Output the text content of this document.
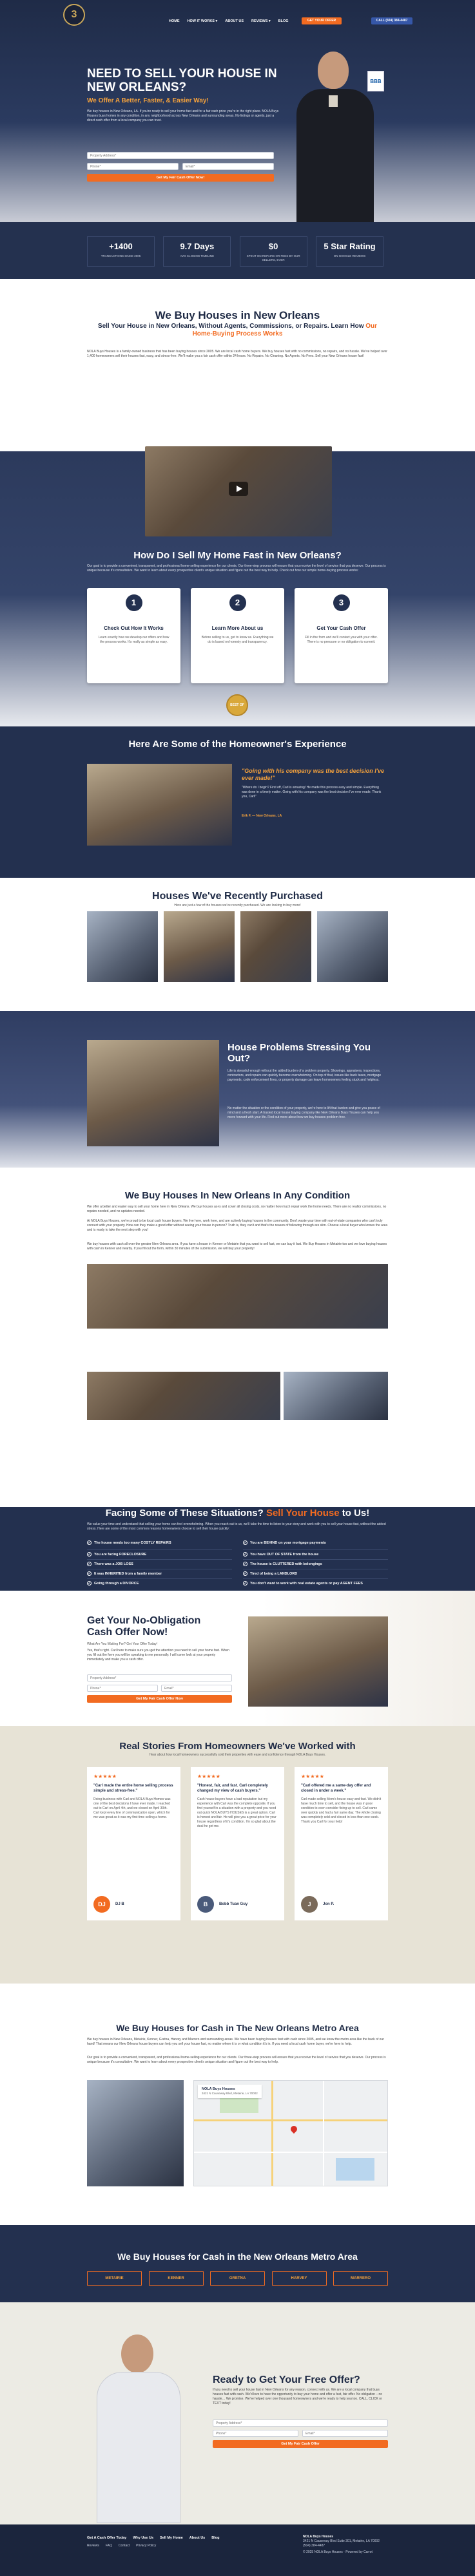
3
HOME HOW IT WORKS ▾ ABOUT US REVIEWS ▾ BLOG	GET YOUR OFFER	CALL (504) 384-4487
NEED TO SELL YOUR HOUSE IN NEW ORLEANS?
We Offer A Better, Faster, & Easier Way!
We buy houses in New Orleans, LA. If you're ready to sell your home fast and for a fair cash price you're in the right place. NOLA Buys Houses buys homes in any condition, in any neighborhood across New Orleans and surrounding areas. No listings or agents, just a direct cash offer from a local company you can trust.
Property Address*
Phone*
Email*
Get My Fair Cash Offer Now!
BBB
+1400
TRANSACTIONS SINCE 2005
9.7 Days
AVG CLOSING TIMELINE
$0
SPENT ON REPAIRS OR FEES BY OUR SELLERS, EVER
5 Star Rating
ON GOOGLE REVIEWS
We Buy Houses in New Orleans
Sell Your House in New Orleans, Without Agents, Commissions, or Repairs. Learn How Our Home-Buying Process Works
NOLA Buys Houses is a family-owned business that has been buying houses since 2005. We are local cash home buyers. We buy houses fast with no commissions, no repairs, and no hassle. We've helped over 1,400 homeowners sell their houses fast, easy, and stress-free. We'll make you a fair cash offer within 24 hours. No Repairs. No Cleaning. No Agents. No Fees. Sell your New Orleans house fast!
How Do I Sell My Home Fast in New Orleans?
Our goal is to provide a convenient, transparent, and professional home-selling experience for our clients. Our three-step process will ensure that you receive the level of service that you deserve. Our process is unique because it's consultative. We want to learn about every prospective client's unique situation and figure out the best way to help. Check out how our simple home-buying process works:
1
Check Out How It Works
Learn exactly how we develop our offers and how the process works. It's really as simple as easy.
2
Learn More About us
Before selling to us, get to know us. Everything we do is based on honesty and transparency.
3
Get Your Cash Offer
Fill in the form and we'll contact you with your offer. There is no pressure or no obligation to commit.
BEST OF
Here Are Some of the Homeowner's Experience
"Going with his company was the best decision I've ever made!"
"Where do I begin? First off, Carl is amazing! He made this process easy and simple. Everything was done in a timely matter. Going with his company was the best decision I've ever made. Thank you, Carl!"
Erik F. — New Orleans, LA
Houses We've Recently Purchased
Here are just a few of the houses we've recently purchased. We are looking to buy more!
House Problems Stressing You Out?
Life is stressful enough without the added burden of a problem property. Showings, appraisers, inspections, contractors, and repairs can quickly become overwhelming. On top of that, issues like back taxes, mortgage payments, code enforcement fines, or property damage can leave homeowners feeling stuck and helpless.
No matter the situation or the condition of your property, we're here to lift that burden and give you peace of mind and a fresh start. A trusted local house buying company like New Orleans Buys Houses can help you move forward with your life. Find out more about how we buy houses problem-free.
We Buy Houses In New Orleans In Any Condition
We offer a better and easier way to sell your home here in New Orleans. We buy houses as-is and cover all closing costs, no matter how much repair work the home needs. There are no realtor commissions, no repairs needed, and no updates needed.
At NOLA Buys Houses, we're proud to be local cash house buyers. We live here, work here, and are actively buying houses in the community. Don't waste your time with out-of-state companies who can't truly connect with your property. How can they make a good offer without seeing your house in person? Truth is, they can't and that's the reason of following through are slim. Choose a local buyer who knows the area and is ready to take the next step with you!
We buy houses with cash all over the greater New Orleans area. If you have a house in Kenner or Metairie that you want to sell fast, we can buy it fast. We Buy Houses in Metairie too and we love buying houses with cash in Kenner and nearby. If you fill out the form, within 30 minutes of the submission, we will buy your property!
Facing Some of These Situations? Sell Your House to Us!
We value your time and understand that selling your home can feel overwhelming. When you reach out to us, we'll take the time to listen to your story and work with you to sell your house fast, without the added stress. Here are some of the most common reasons homeowners choose to sell their house quickly:
✓ The house needs too many COSTLY REPAIRS
✓ You are facing FORECLOSURE
✓ There was a JOB LOSS
✓ It was INHERITED from a family member
✓ Going through a DIVORCE
✓ You are BEHIND on your mortgage payments
✓ You have OUT OF STATE from the house
✓ The house is CLUTTERED with belongings
✓ Tired of being a LANDLORD
✓ You don't want to work with real estate agents or pay AGENT FEES
Get Your No-Obligation Cash Offer Now!
What Are You Waiting For? Get Your Offer Today!
Yes, that's right. Carl here to make sure you get the attention you need to sell your home fast. When you fill out the form you will be speaking to me personally. I will come look at your property immediately and make you a cash offer.
Property Address*
Phone*
Email*
Get My Fair Cash Offer Now
Real Stories From Homeowners We've Worked with
Hear about how local homeowners successfully sold their properties with ease and confidence through NOLA Buys Houses.
★★★★★
"Carl made the entire home selling process simple and stress-free."
Doing business with Carl and NOLA Buys Homes was one of the best decisions I have ever made. I reached out to Carl on April 4th, and we closed on April 30th. Carl kept every line of communication open, which for me was great as it was my first time selling a home.
DJ	DJ B
★★★★★
"Honest, fair, and fast. Carl completely changed my view of cash buyers."
Cash house buyers have a bad reputation but my experience with Carl was the complete opposite. If you find yourself in a situation with a property and you need out quick NOLA BUYS HOUSES is a great option. Carl is honest and fair. He will give you a great price for your house regardless of it's condition. I'm so glad about the deal he got me.
B	Bobb Tuan Guy
★★★★★
"Carl offered me a same-day offer and closed in under a week."
Carl made selling Mom's house easy and fast. We didn't have much time to sell, and the house was in poor condition to even consider fixing up to sell. Carl came over quickly and had a fair same day. The whole closing was completely sold and closed in less than one week. Thank you Carl for your help!
J	Jon P.
We Buy Houses for Cash in The New Orleans Metro Area
We buy houses in New Orleans, Metairie, Kenner, Gretna, Harvey and Marrero and surrounding areas. We have been buying houses fast with cash since 2005, and we know the metro area like the back of our hand! That means our New Orleans house buyers can help you sell your house fast, no matter where it is or what condition it's in. If you need a local cash home buyer, we're here to help.
Our goal is to provide a convenient, transparent, and professional home-selling experience for our clients. Our three-step process will ensure that you receive the level of service that you deserve. Our process is unique because it's consultative. We want to learn about every prospective client's unique situation and figure out the best way to help.
NOLA Buys Houses
3421 N Causeway Blvd, Metairie, LA 70002
We Buy Houses for Cash in the New Orleans Metro Area
METAIRIE	KENNER	GRETNA	HARVEY	MARRERO
Ready to Get Your Free Offer?
If you need to sell your house fast in New Orleans for any reason, connect with us. We are a local company that buys houses fast with cash. We'd love to have the opportunity to buy your home and offer a fast, fair offer. No obligation – no hassle… We promise. We've helped over one thousand homeowners and we're ready to help you too. CALL, CLICK or TEXT today!
Property Address*
Phone*
Email*
Get My Fair Cash Offer
Get A Cash Offer Today Why Use Us Sell My Home About Us Blog
Reviews FAQ Contact Privacy Policy
NOLA Buys Houses
3421 N Causeway Blvd Suite 301, Metairie, LA 70002
(504) 384-4487
© 2025 NOLA Buys Houses · Powered by Carrot
